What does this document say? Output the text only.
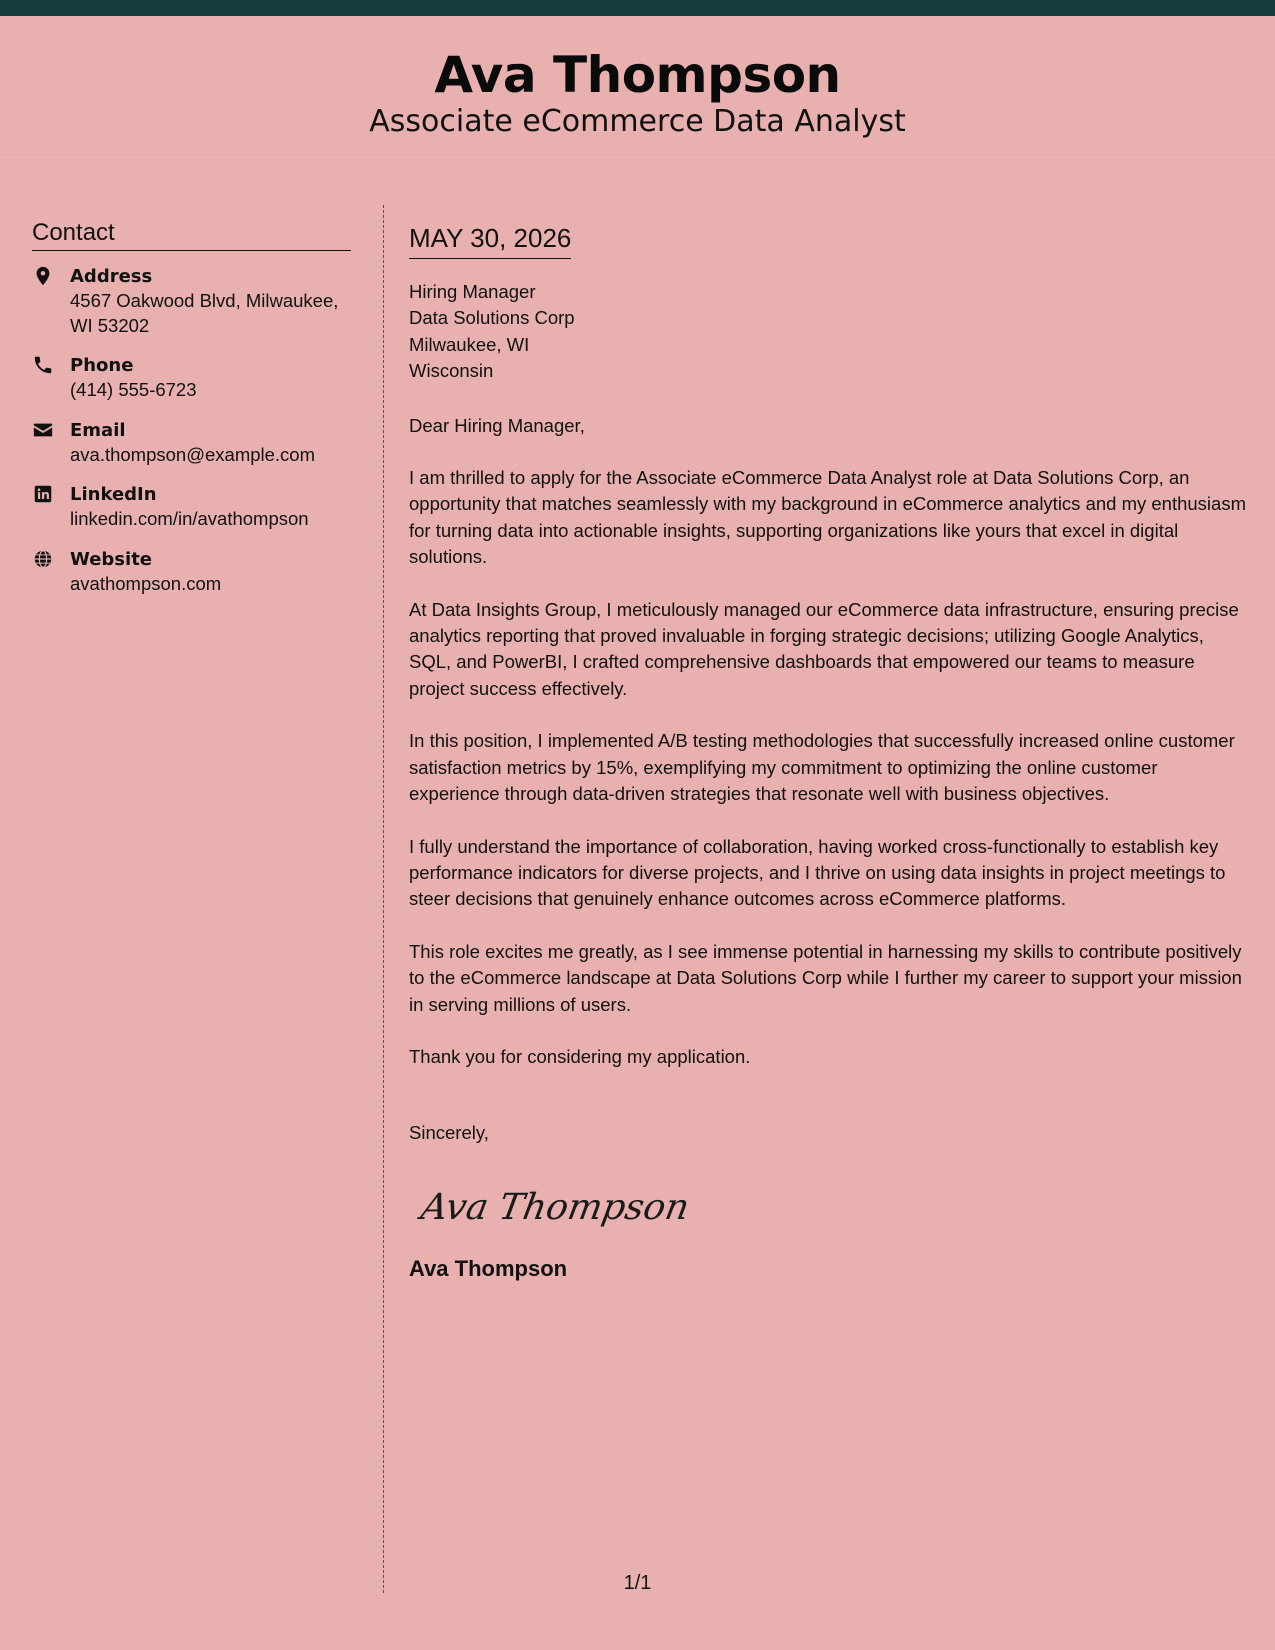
Ava Thompson
Associate eCommerce Data Analyst
Contact
Address
4567 Oakwood Blvd, Milwaukee,
WI 53202
Phone
(414) 555-6723
Email
ava.thompson@example.com
LinkedIn
linkedin.com/in/avathompson
Website
avathompson.com
MAY 30, 2026
Hiring Manager
Data Solutions Corp
Milwaukee, WI
Wisconsin
Dear Hiring Manager,
I am thrilled to apply for the Associate eCommerce Data Analyst role at Data Solutions Corp, an opportunity that matches seamlessly with my background in eCommerce analytics and my enthusiasm for turning data into actionable insights, supporting organizations like yours that excel in digital solutions.
At Data Insights Group, I meticulously managed our eCommerce data infrastructure, ensuring precise analytics reporting that proved invaluable in forging strategic decisions; utilizing Google Analytics, SQL, and PowerBI, I crafted comprehensive dashboards that empowered our teams to measure project success effectively.
In this position, I implemented A/B testing methodologies that successfully increased online customer satisfaction metrics by 15%, exemplifying my commitment to optimizing the online customer experience through data-driven strategies that resonate well with business objectives.
I fully understand the importance of collaboration, having worked cross-functionally to establish key performance indicators for diverse projects, and I thrive on using data insights in project meetings to steer decisions that genuinely enhance outcomes across eCommerce platforms.
This role excites me greatly, as I see immense potential in harnessing my skills to contribute positively to the eCommerce landscape at Data Solutions Corp while I further my career to support your mission in serving millions of users.
Thank you for considering my application.
Sincerely,
Ava Thompson
Ava Thompson
1/1
